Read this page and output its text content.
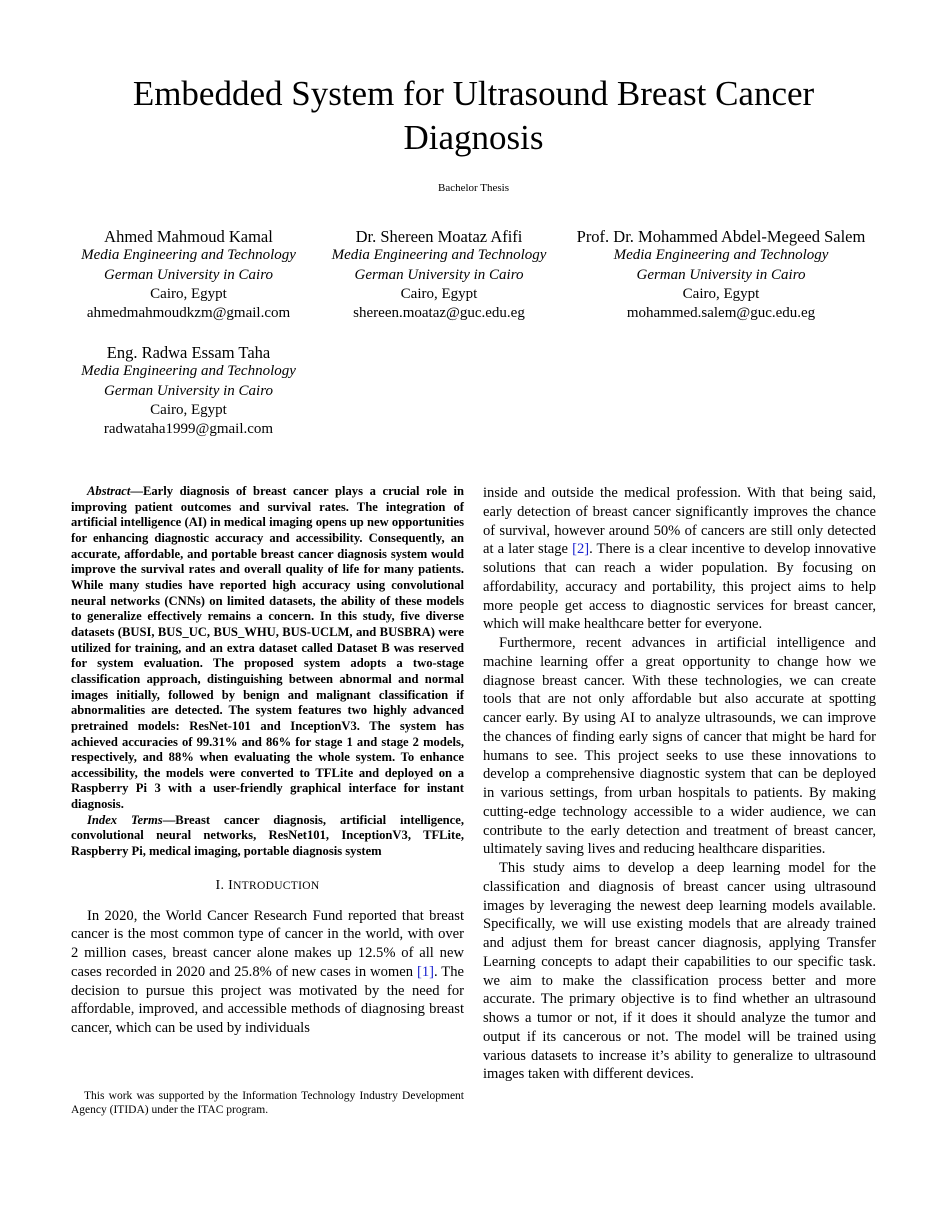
Embedded System for Ultrasound Breast Cancer Diagnosis
Bachelor Thesis
Ahmed Mahmoud Kamal
Media Engineering and Technology
German University in Cairo
Cairo, Egypt
ahmedmahmoudkzm@gmail.com
Dr. Shereen Moataz Afifi
Media Engineering and Technology
German University in Cairo
Cairo, Egypt
shereen.moataz@guc.edu.eg
Prof. Dr. Mohammed Abdel-Megeed Salem
Media Engineering and Technology
German University in Cairo
Cairo, Egypt
mohammed.salem@guc.edu.eg
Eng. Radwa Essam Taha
Media Engineering and Technology
German University in Cairo
Cairo, Egypt
radwataha1999@gmail.com

Abstract—Early diagnosis of breast cancer plays a crucial role in improving patient outcomes and survival rates. The integration of artificial intelligence (AI) in medical imaging opens up new opportunities for enhancing diagnostic accuracy and accessibility. Consequently, an accurate, affordable, and portable breast cancer diagnosis system would improve the survival rates and overall quality of life for many patients. While many studies have reported high accuracy using convolutional neural networks (CNNs) on limited datasets, the ability of these models to generalize effectively remains a concern. In this study, five diverse datasets (BUSI, BUS_UC, BUS_WHU, BUS-UCLM, and BUSBRA) were utilized for training, and an extra dataset called Dataset B was reserved for system evaluation. The proposed system adopts a two-stage classification approach, distinguishing between abnormal and normal images initially, followed by benign and malignant classification if abnormalities are detected. The system features two highly advanced pretrained models: ResNet-101 and InceptionV3. The system has achieved accuracies of 99.31% and 86% for stage 1 and stage 2 models, respectively, and 88% when evaluating the whole system. To enhance accessibility, the models were converted to TFLite and deployed on a Raspberry Pi 3 with a user-friendly graphical interface for instant diagnosis.

Index Terms—Breast cancer diagnosis, artificial intelligence, convolutional neural networks, ResNet101, InceptionV3, TFLite, Raspberry Pi, medical imaging, portable diagnosis system

I. INTRODUCTION

In 2020, the World Cancer Research Fund reported that breast cancer is the most common type of cancer in the world, with over 2 million cases, breast cancer alone makes up 12.5% of all new cases recorded in 2020 and 25.8% of new cases in women [1]. The decision to pursue this project was motivated by the need for affordable, improved, and accessible methods of diagnosing breast cancer, which can be used by individuals

This work was supported by the Information Technology Industry Development Agency (ITIDA) under the ITAC program.

inside and outside the medical profession. With that being said, early detection of breast cancer significantly improves the chance of survival, however around 50% of cancers are still only detected at a later stage [2]. There is a clear incentive to develop innovative solutions that can reach a wider population. By focusing on affordability, accuracy and portability, this project aims to help more people get access to diagnostic services for breast cancer, which will make healthcare better for everyone.

Furthermore, recent advances in artificial intelligence and machine learning offer a great opportunity to change how we diagnose breast cancer. With these technologies, we can create tools that are not only affordable but also accurate at spotting cancer early. By using AI to analyze ultrasounds, we can improve the chances of finding early signs of cancer that might be hard for humans to see. This project seeks to use these innovations to develop a comprehensive diagnostic system that can be deployed in various settings, from urban hospitals to patients. By making cutting-edge technology accessible to a wider audience, we can contribute to the early detection and treatment of breast cancer, ultimately saving lives and reducing healthcare disparities.

This study aims to develop a deep learning model for the classification and diagnosis of breast cancer using ultrasound images by leveraging the newest deep learning models available. Specifically, we will use existing models that are already trained and adjust them for breast cancer diagnosis, applying Transfer Learning concepts to adapt their capabilities to our specific task. we aim to make the classification process better and more accurate. The primary objective is to find whether an ultrasound shows a tumor or not, if it does it should analyze the tumor and output if its cancerous or not. The model will be trained using various datasets to increase it’s ability to generalize to ultrasound images taken with different devices.
